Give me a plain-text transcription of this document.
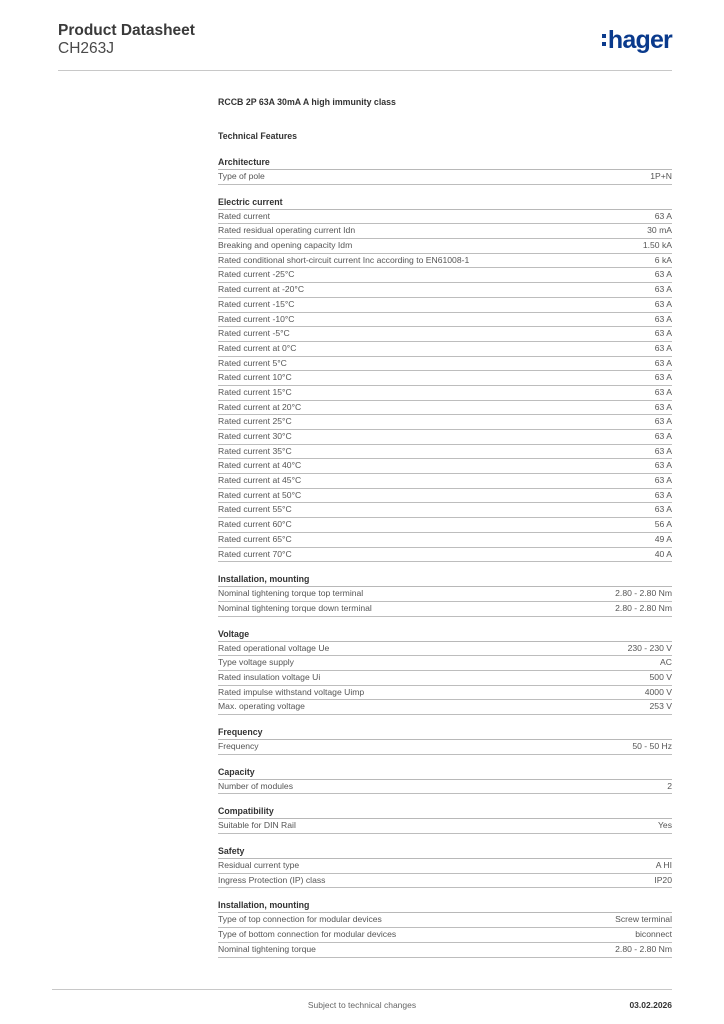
Product Datasheet
CH263J	hager
RCCB 2P 63A 30mA A high immunity class
Technical Features
Architecture
Type of pole	1P+N
Electric current
Rated current	63 A
Rated residual operating current Idn	30 mA
Breaking and opening capacity Idm	1.50 kA
Rated conditional short-circuit current Inc according to EN61008-1	6 kA
Rated current -25°C	63 A
Rated current at -20°C	63 A
Rated current -15°C	63 A
Rated current -10°C	63 A
Rated current -5°C	63 A
Rated current at 0°C	63 A
Rated current 5°C	63 A
Rated current 10°C	63 A
Rated current 15°C	63 A
Rated current at 20°C	63 A
Rated current 25°C	63 A
Rated current 30°C	63 A
Rated current 35°C	63 A
Rated current at 40°C	63 A
Rated current at 45°C	63 A
Rated current at 50°C	63 A
Rated current 55°C	63 A
Rated current 60°C	56 A
Rated current 65°C	49 A
Rated current 70°C	40 A
Installation, mounting
Nominal tightening torque top terminal	2.80 - 2.80 Nm
Nominal tightening torque down terminal	2.80 - 2.80 Nm
Voltage
Rated operational voltage Ue	230 - 230 V
Type voltage supply	AC
Rated insulation voltage Ui	500 V
Rated impulse withstand voltage Uimp	4000 V
Max. operating voltage	253 V
Frequency
Frequency	50 - 50 Hz
Capacity
Number of modules	2
Compatibility
Suitable for DIN Rail	Yes
Safety
Residual current type	A HI
Ingress Protection (IP) class	IP20
Installation, mounting
Type of top connection for modular devices	Screw terminal
Type of bottom connection for modular devices	biconnect
Nominal tightening torque	2.80 - 2.80 Nm
Subject to technical changes	03.02.2026
